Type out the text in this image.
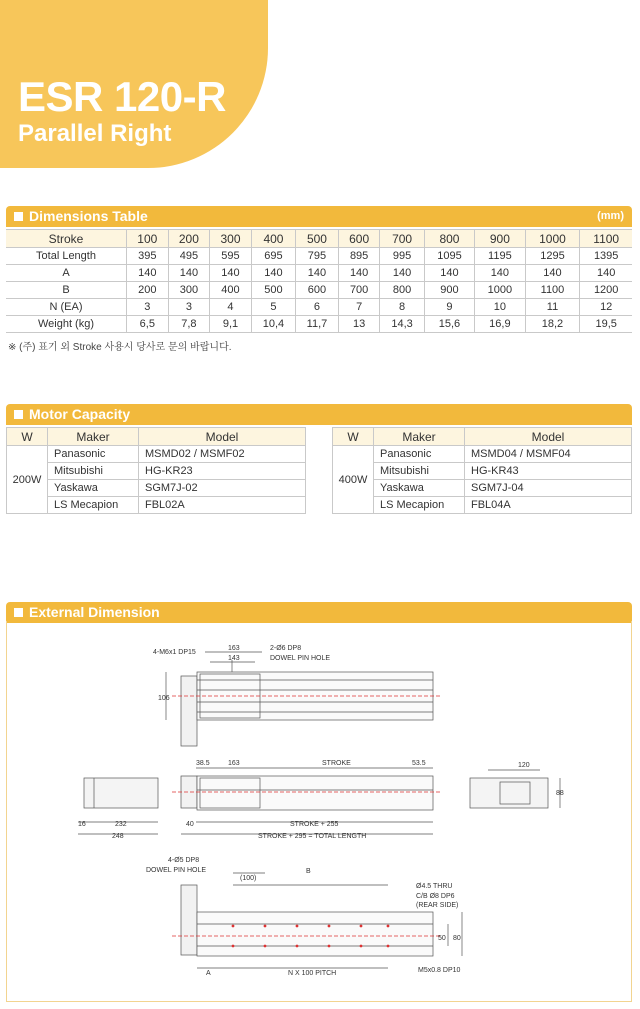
ESR 120-R
Parallel Right
Dimensions Table	(mm)
Stroke	100	200	300	400	500	600	700	800	900	1000	1100
Total Length	395	495	595	695	795	895	995	1095	1195	1295	1395
A	140	140	140	140	140	140	140	140	140	140	140
B	200	300	400	500	600	700	800	900	1000	1100	1200
N (EA)	3	3	4	5	6	7	8	9	10	11	12
Weight (kg)	6,5	7,8	9,1	10,4	11,7	13	14,3	15,6	16,9	18,2	19,5
※ (주) 표기 외 Stroke 사용시 당사로 문의 바랍니다.
Motor Capacity
W	Maker	Model
200W	Panasonic	MSMD02 / MSMF02
	Mitsubishi	HG-KR23
	Yaskawa	SGM7J-02
	LS Mecapion	FBL02A
W	Maker	Model
400W	Panasonic	MSMD04 / MSMF04
	Mitsubishi	HG-KR43
	Yaskawa	SGM7J-04
	LS Mecapion	FBL04A
External Dimension
4-M6x1 DP15
163
143
2-Ø6 DP8
DOWEL PIN HOLE
106
38.5	163	STROKE	53.5	120
88
16	232
248
40	STROKE + 255
STROKE + 295 = TOTAL LENGTH
4-Ø5 DP8
DOWEL PIN HOLE
(100)
B
Ø4.5 THRU
C/B Ø8 DP6
(REAR SIDE)
50 80
A	N X 100 PITCH	M5x0.8 DP10
